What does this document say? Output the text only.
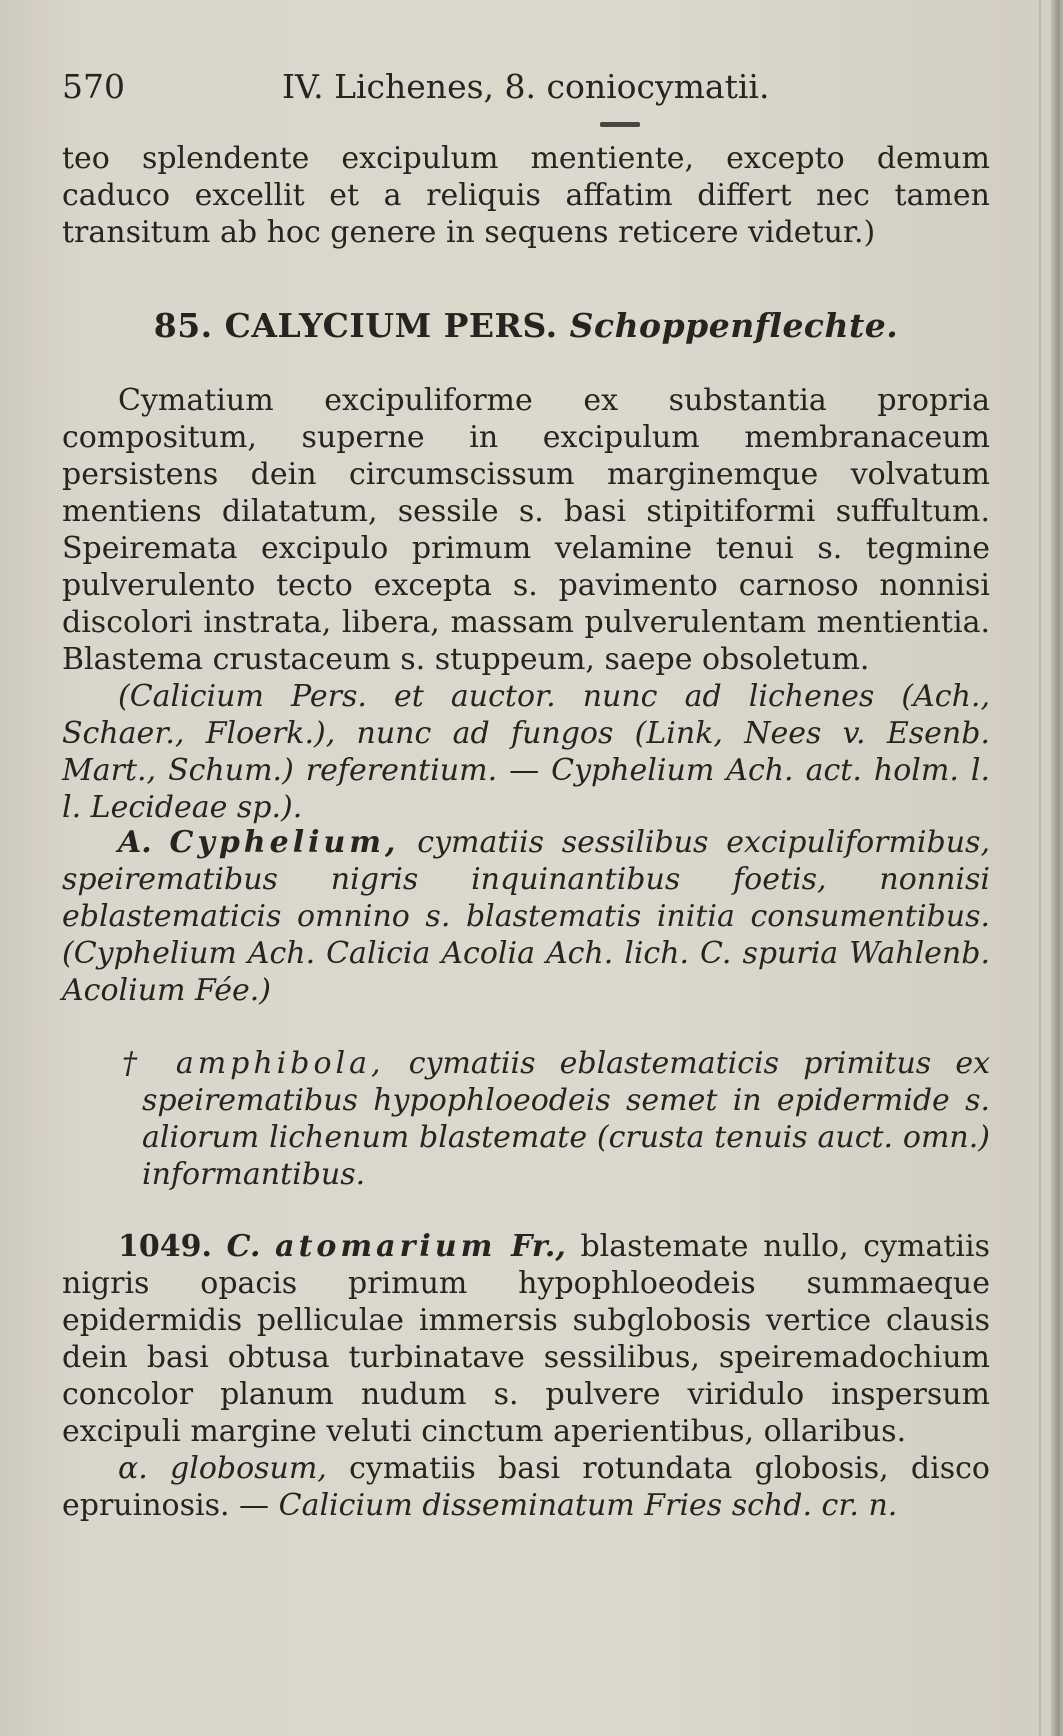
570	IV. Lichenes, 8. coniocymatii.

teo splendente excipulum mentiente, excepto demum caduco excellit et a reliquis affatim differt nec tamen transitum ab hoc genere in sequens reticere videtur.)

85. CALYCIUM PERS. Schoppenflechte.

Cymatium excipuliforme ex substantia propria compositum, superne in excipulum membranaceum persistens dein circumscissum marginemque volvatum mentiens dilatatum, sessile s. basi stipitiformi suffultum. Speiremata excipulo primum velamine tenui s. tegmine pulverulento tecto excepta s. pavimento carnoso nonnisi discolori instrata, libera, massam pulverulentam mentientia. Blastema crustaceum s. stuppeum, saepe obsoletum.

(Calicium Pers. et auctor. nunc ad lichenes (Ach., Schaer., Floerk.), nunc ad fungos (Link, Nees v. Esenb. Mart., Schum.) referentium. — Cyphelium Ach. act. holm. l. l. Lecideae sp.).

A. Cyphelium, cymatiis sessilibus excipuliformibus, speirematibus nigris inquinantibus foetis, nonnisi eblastematicis omnino s. blastematis initia consumentibus. (Cyphelium Ach. Calicia Acolia Ach. lich. C. spuria Wahlenb. Acolium Fée.)

† amphibola, cymatiis eblastematicis primitus ex speirematibus hypophloeodeis semet in epidermide s. aliorum lichenum blastemate (crusta tenuis auct. omn.) informantibus.

1049. C. atomarium Fr., blastemate nullo, cymatiis nigris opacis primum hypophloeodeis summaeque epidermidis pelliculae immersis subglobosis vertice clausis dein basi obtusa turbinatave sessilibus, speiremadochium concolor planum nudum s. pulvere viridulo inspersum excipuli margine veluti cinctum aperientibus, ollaribus.

α. globosum, cymatiis basi rotundata globosis, disco epruinosis. — Calicium disseminatum Fries schd. cr. n.
